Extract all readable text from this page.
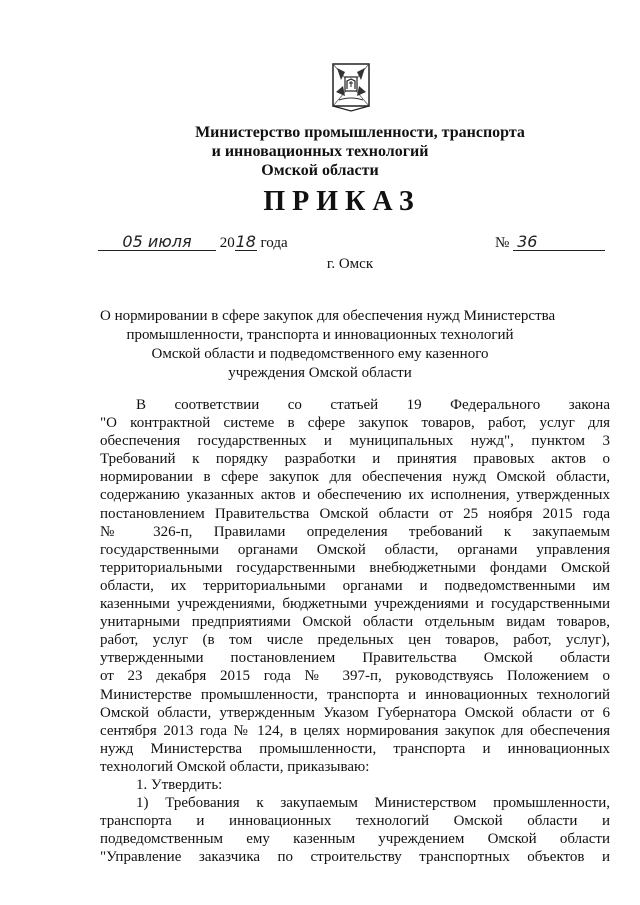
Министерство промышленности, транспорта
и инновационных технологий
Омской области
ПРИКАЗ
05 июля 2018 года	№ 36
г. Омск
О нормировании в сфере закупок для обеспечения нужд Министерства
промышленности, транспорта и инновационных технологий
Омской области и подведомственного ему казенного
учреждения Омской области
В соответствии со статьей 19 Федерального закона
"О контрактной системе в сфере закупок товаров, работ, услуг для
обеспечения государственных и муниципальных нужд", пунктом 3
Требований к порядку разработки и принятия правовых актов о
нормировании в сфере закупок для обеспечения нужд Омской области,
содержанию указанных актов и обеспечению их исполнения, утвержденных
постановлением Правительства Омской области от 25 ноября 2015 года
№ 326-п, Правилами определения требований к закупаемым
государственными органами Омской области, органами управления
территориальными государственными внебюджетными фондами Омской
области, их территориальными органами и подведомственными им
казенными учреждениями, бюджетными учреждениями и государственными
унитарными предприятиями Омской области отдельным видам товаров,
работ, услуг (в том числе предельных цен товаров, работ, услуг),
утвержденными постановлением Правительства Омской области
от 23 декабря 2015 года № 397-п, руководствуясь Положением о
Министерстве промышленности, транспорта и инновационных технологий
Омской области, утвержденным Указом Губернатора Омской области от 6
сентября 2013 года № 124, в целях нормирования закупок для обеспечения
нужд Министерства промышленности, транспорта и инновационных
технологий Омской области, приказываю:
1. Утвердить:
1) Требования к закупаемым Министерством промышленности,
транспорта и инновационных технологий Омской области и
подведомственным ему казенным учреждением Омской области
"Управление заказчика по строительству транспортных объектов и
